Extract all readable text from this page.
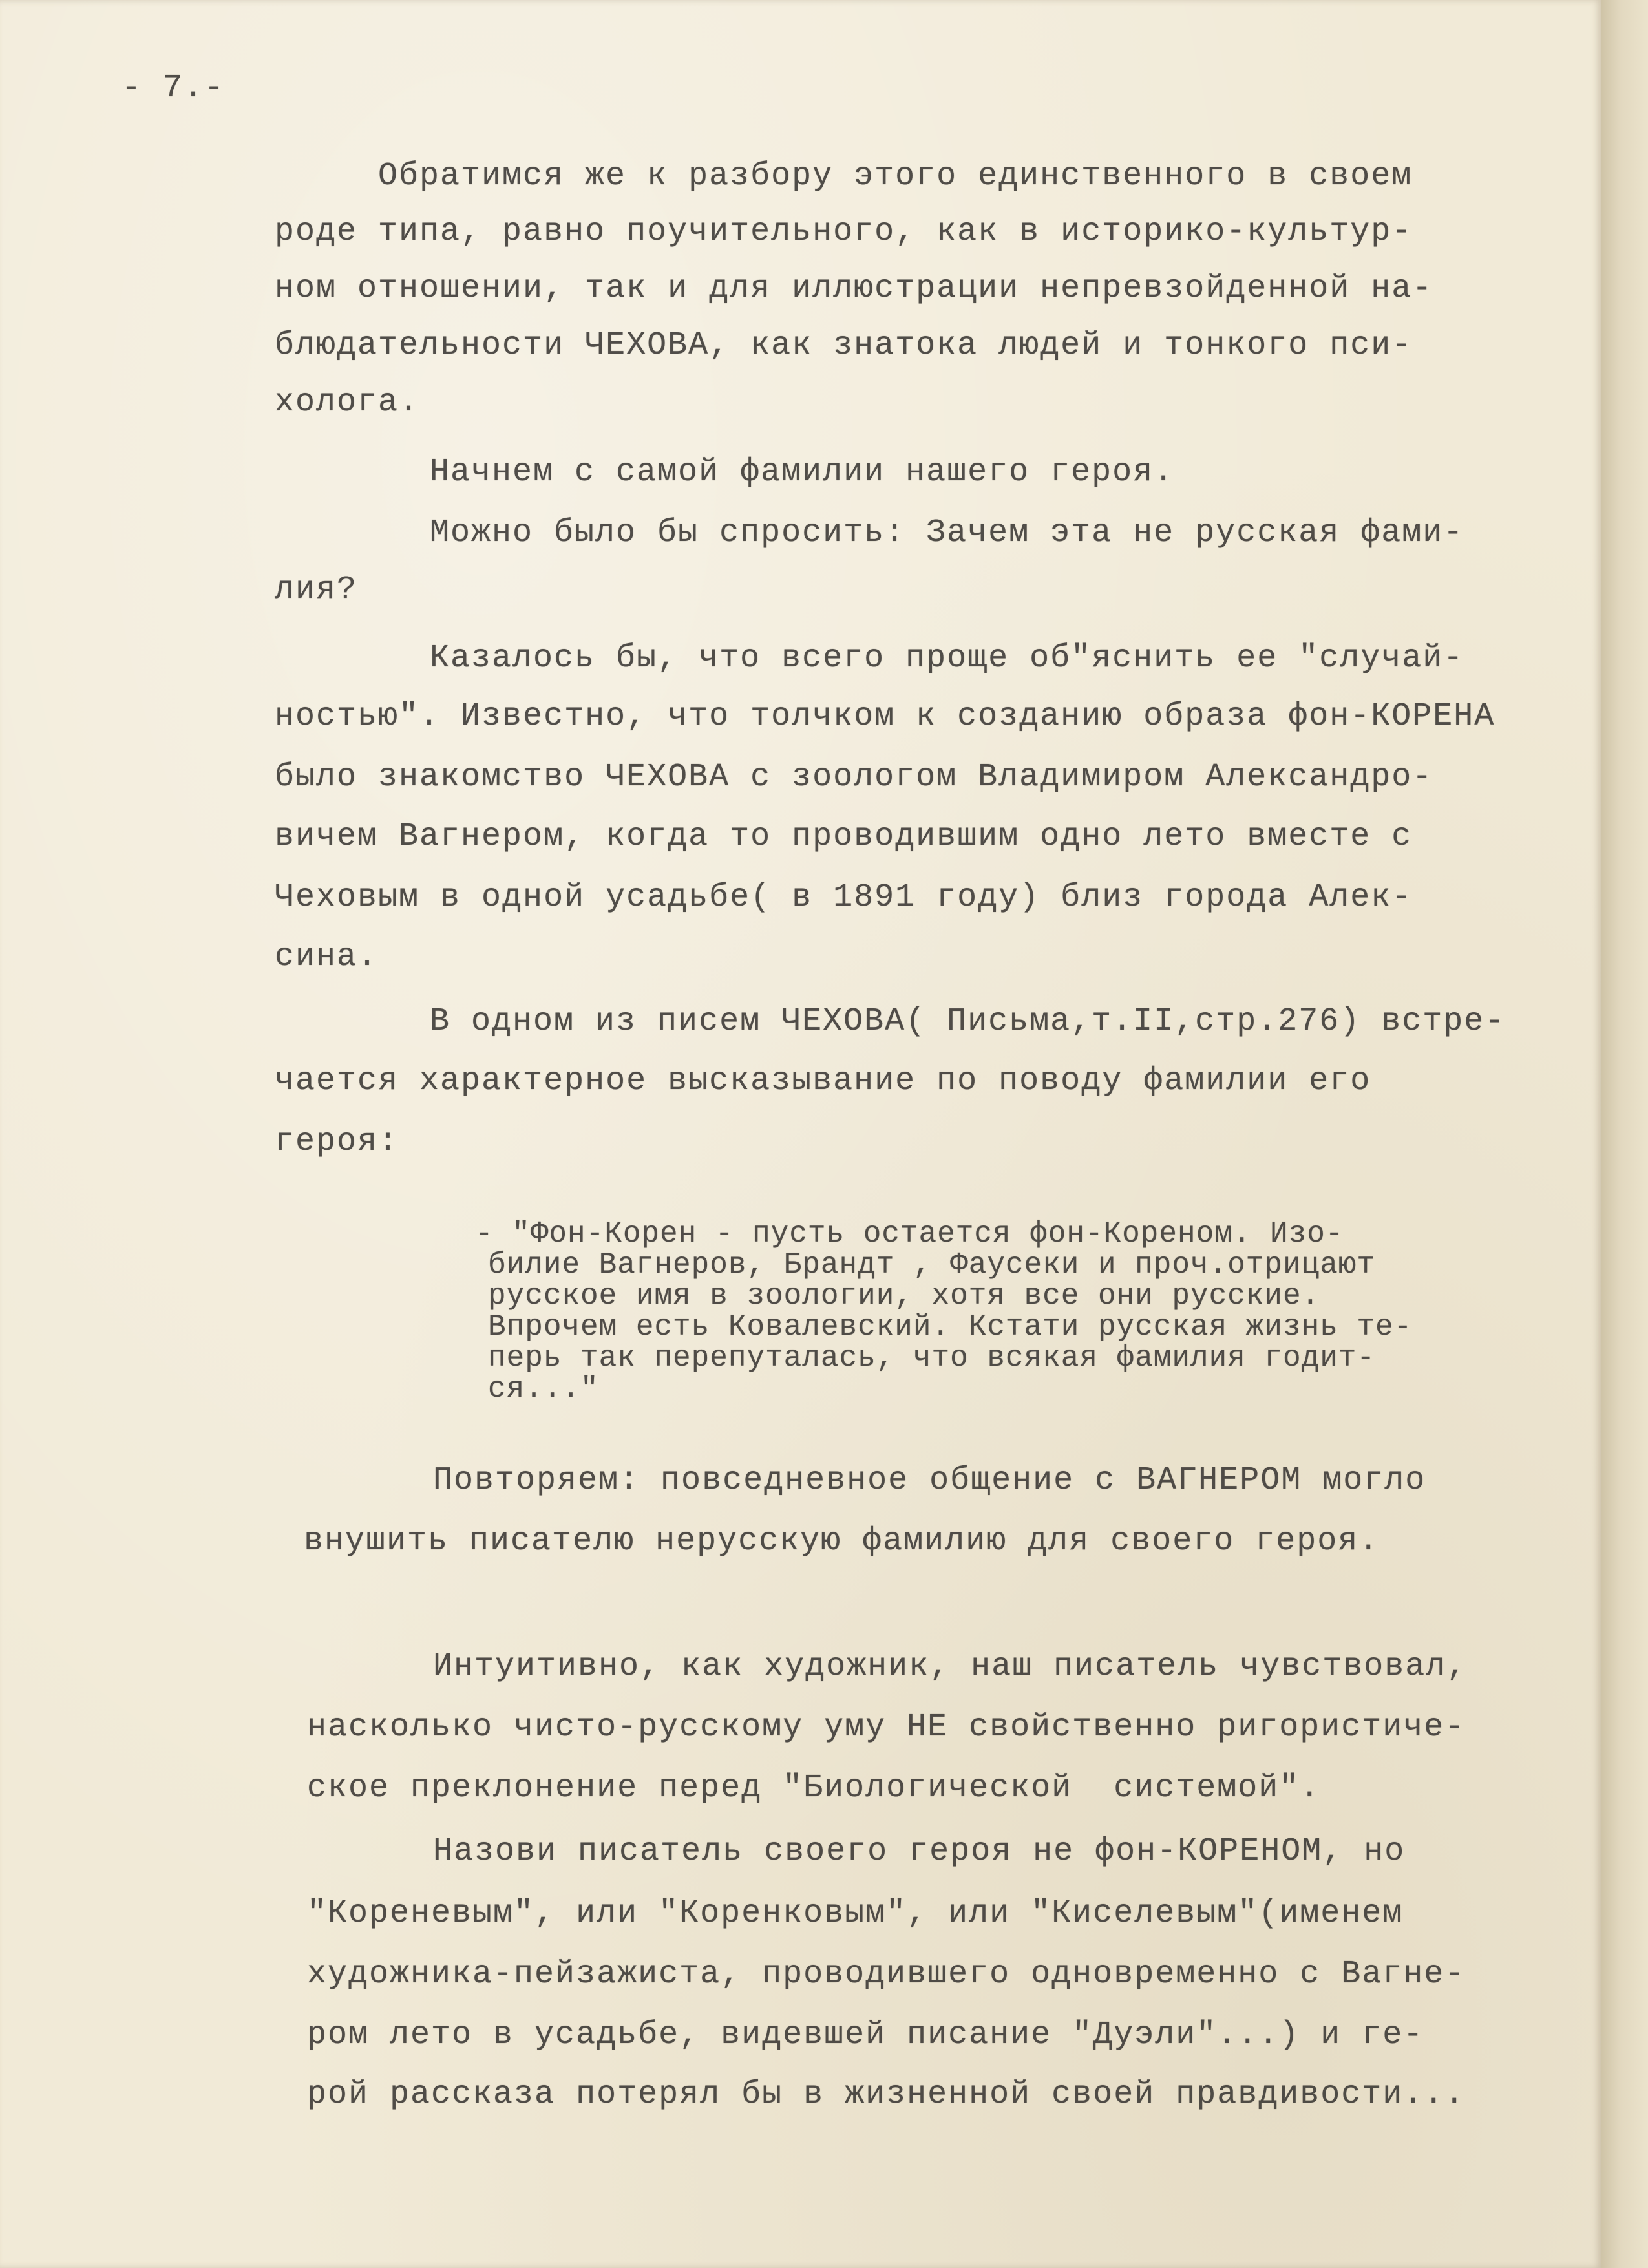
- 7.-
Обратимся же к разбору этого единственного в своем
роде типа, равно поучительного, как в историко-культур-
ном отношении, так и для иллюстрации непревзойденной на-
блюдательности ЧЕХОВА, как знатока людей и тонкого пси-
холога.
Начнем с самой фамилии нашего героя.
Можно было бы спросить: Зачем эта не русская фами-
лия?
Казалось бы, что всего проще об"яснить ее "случай-
ностью". Известно, что толчком к созданию образа фон-КОРЕНА
было знакомство ЧЕХОВА с зоологом Владимиром Александро-
вичем Вагнером, когда то проводившим одно лето вместе с
Чеховым в одной усадьбе( в 1891 году) близ города Алек-
сина.
В одном из писем ЧЕХОВА( Письма,т.II,стр.276) встре-
чается характерное высказывание по поводу фамилии его
героя:
- "Фон-Корен - пусть остается фон-Кореном. Изо-
билие Вагнеров, Брандт , Фаусеки и проч.отрицают
русское имя в зоологии, хотя все они русские.
Впрочем есть Ковалевский. Кстати русская жизнь те-
перь так перепуталась, что всякая фамилия годит-
ся..."
Повторяем: повседневное общение с ВАГНЕРОМ могло
внушить писателю нерусскую фамилию для своего героя.
Интуитивно, как художник, наш писатель чувствовал,
насколько чисто-русскому уму НЕ свойственно ригористиче-
ское преклонение перед "Биологической  системой".
Назови писатель своего героя не фон-КОРЕНОМ, но
"Кореневым", или "Коренковым", или "Киселевым"(именем
художника-пейзажиста, проводившего одновременно с Вагне-
ром лето в усадьбе, видевшей писание "Дуэли"...) и ге-
рой рассказа потерял бы в жизненной своей правдивости...
